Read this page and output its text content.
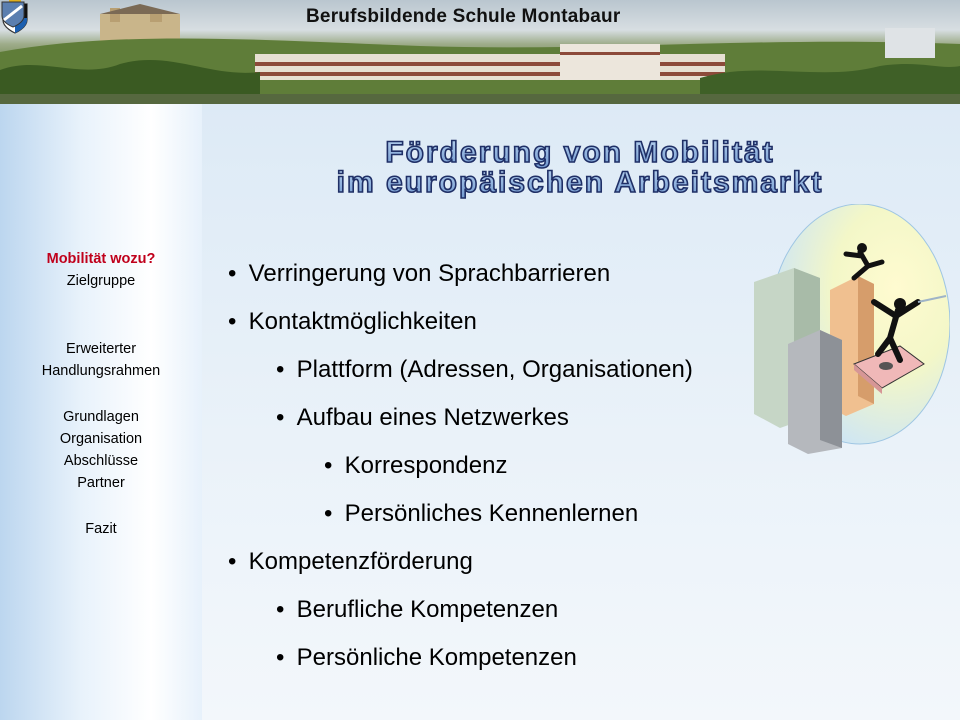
Berufsbildende Schule Montabaur
Mobilität wozu?
Zielgruppe
Erweiterter
Handlungsrahmen
Grundlagen
Organisation
Abschlüsse
Partner
Fazit
Förderung von Mobilität
im europäischen Arbeitsmarkt
• Verringerung von Sprachbarrieren
• Kontaktmöglichkeiten
• Plattform (Adressen, Organisationen)
• Aufbau eines Netzwerkes
• Korrespondenz
• Persönliches Kennenlernen
• Kompetenzförderung
• Berufliche Kompetenzen
• Persönliche Kompetenzen
